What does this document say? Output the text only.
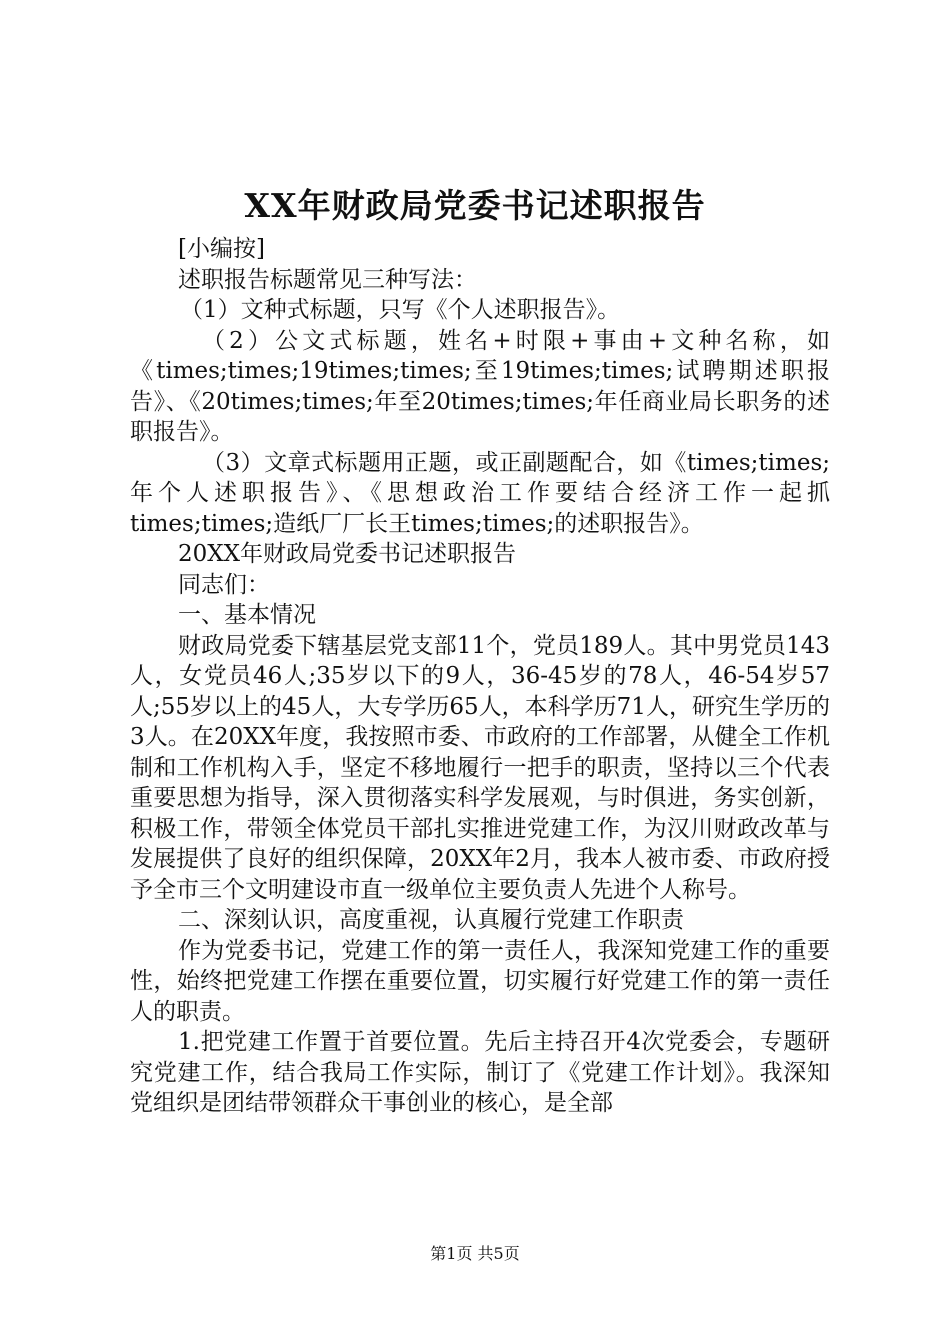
XX年财政局党委书记述职报告

[小编按]

述职报告标题常见三种写法：

（1）文种式标题，只写《个人述职报告》。

（2）公文式标题，姓名+时限+事由+文种名称，如《times;times;19times;times;至19times;times;试聘期述职报告》、《20times;times;年至20times;times;年任商业局长职务的述职报告》。

（3）文章式标题用正题，或正副题配合，如《times;times;年个人述职报告》、《思想政治工作要结合经济工作一起抓times;times;造纸厂厂长王times;times;的述职报告》。

20XX年财政局党委书记述职报告

同志们：

一、基本情况

财政局党委下辖基层党支部11个，党员189人。其中男党员143人，女党员46人;35岁以下的9人，36-45岁的78人，46-54岁57人;55岁以上的45人，大专学历65人，本科学历71人，研究生学历的3人。在20XX年度，我按照市委、市政府的工作部署，从健全工作机制和工作机构入手，坚定不移地履行一把手的职责，坚持以三个代表重要思想为指导，深入贯彻落实科学发展观，与时俱进，务实创新，积极工作，带领全体党员干部扎实推进党建工作，为汉川财政改革与发展提供了良好的组织保障，20XX年2月，我本人被市委、市政府授予全市三个文明建设市直一级单位主要负责人先进个人称号。

二、深刻认识，高度重视，认真履行党建工作职责

作为党委书记，党建工作的第一责任人，我深知党建工作的重要性，始终把党建工作摆在重要位置，切实履行好党建工作的第一责任人的职责。

1.把党建工作置于首要位置。先后主持召开4次党委会，专题研究党建工作，结合我局工作实际，制订了《党建工作计划》。我深知党组织是团结带领群众干事创业的核心，是全部

第1页 共5页
